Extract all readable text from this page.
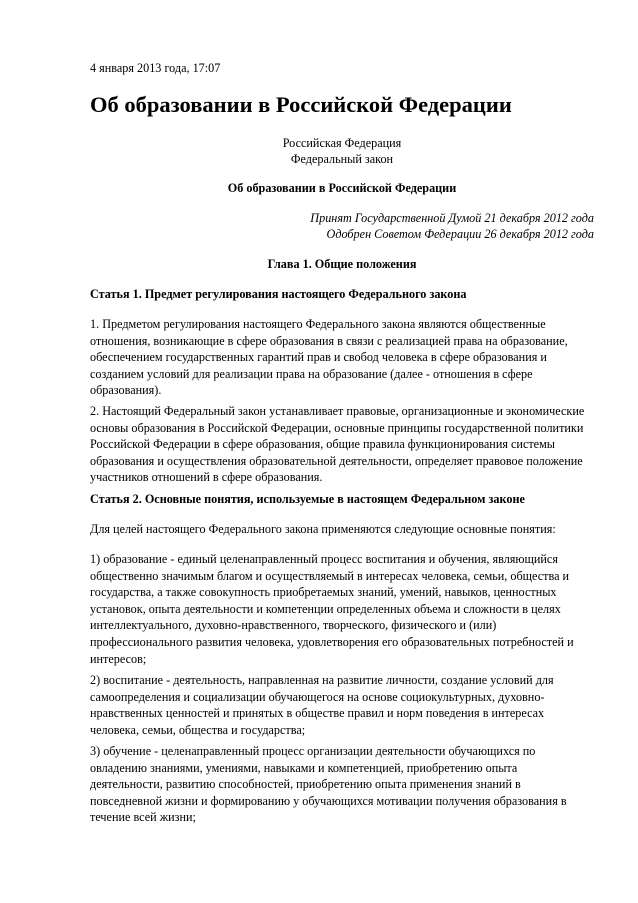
4 января 2013 года, 17:07
Об образовании в Российской Федерации
Российская Федерация
Федеральный закон
Об образовании в Российской Федерации
Принят Государственной Думой 21 декабря 2012 года
Одобрен Советом Федерации 26 декабря 2012 года
Глава 1. Общие положения
Статья 1. Предмет регулирования настоящего Федерального закона

1. Предметом регулирования настоящего Федерального закона являются общественные отношения, возникающие в сфере образования в связи с реализацией права на образование, обеспечением государственных гарантий прав и свобод человека в сфере образования и созданием условий для реализации права на образование (далее - отношения в сфере образования).

2. Настоящий Федеральный закон устанавливает правовые, организационные и экономические основы образования в Российской Федерации, основные принципы государственной политики Российской Федерации в сфере образования, общие правила функционирования системы образования и осуществления образовательной деятельности, определяет правовое положение участников отношений в сфере образования.

Статья 2. Основные понятия, используемые в настоящем Федеральном законе
Для целей настоящего Федерального закона применяются следующие основные понятия:

1) образование - единый целенаправленный процесс воспитания и обучения, являющийся общественно значимым благом и осуществляемый в интересах человека, семьи, общества и государства, а также совокупность приобретаемых знаний, умений, навыков, ценностных установок, опыта деятельности и компетенции определенных объема и сложности в целях интеллектуального, духовно-нравственного, творческого, физического и (или) профессионального развития человека, удовлетворения его образовательных потребностей и интересов;

2) воспитание - деятельность, направленная на развитие личности, создание условий для самоопределения и социализации обучающегося на основе социокультурных, духовно-нравственных ценностей и принятых в обществе правил и норм поведения в интересах человека, семьи, общества и государства;

3) обучение - целенаправленный процесс организации деятельности обучающихся по овладению знаниями, умениями, навыками и компетенцией, приобретению опыта деятельности, развитию способностей, приобретению опыта применения знаний в повседневной жизни и формированию у обучающихся мотивации получения образования в течение всей жизни;
